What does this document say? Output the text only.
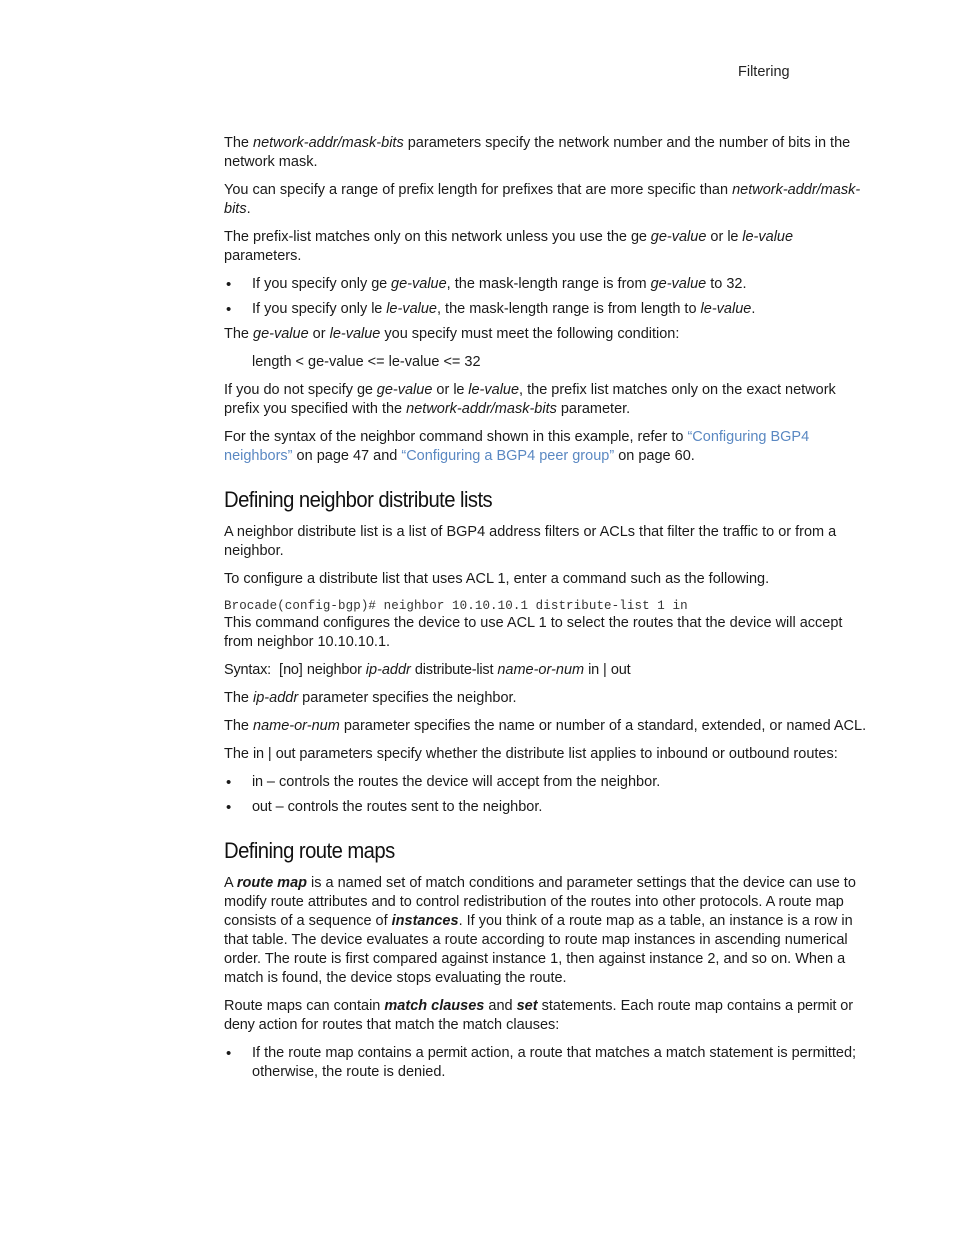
Filtering

The network-addr/mask-bits parameters specify the network number and the number of bits in the network mask.

You can specify a range of prefix length for prefixes that are more specific than network-addr/mask-bits.

The prefix-list matches only on this network unless you use the ge ge-value or le le-value parameters.

• If you specify only ge ge-value, the mask-length range is from ge-value to 32.
• If you specify only le le-value, the mask-length range is from length to le-value.

The ge-value or le-value you specify must meet the following condition:

length < ge-value <= le-value <= 32

If you do not specify ge ge-value or le le-value, the prefix list matches only on the exact network prefix you specified with the network-addr/mask-bits parameter.

For the syntax of the neighbor command shown in this example, refer to “Configuring BGP4 neighbors” on page 47 and “Configuring a BGP4 peer group” on page 60.

Defining neighbor distribute lists

A neighbor distribute list is a list of BGP4 address filters or ACLs that filter the traffic to or from a neighbor.

To configure a distribute list that uses ACL 1, enter a command such as the following.

Brocade(config-bgp)# neighbor 10.10.10.1 distribute-list 1 in

This command configures the device to use ACL 1 to select the routes that the device will accept from neighbor 10.10.10.1.

Syntax:  [no] neighbor ip-addr distribute-list name-or-num in | out

The ip-addr parameter specifies the neighbor.

The name-or-num parameter specifies the name or number of a standard, extended, or named ACL.

The in | out parameters specify whether the distribute list applies to inbound or outbound routes:

• in – controls the routes the device will accept from the neighbor.
• out – controls the routes sent to the neighbor.
Defining route maps

A route map is a named set of match conditions and parameter settings that the device can use to modify route attributes and to control redistribution of the routes into other protocols. A route map consists of a sequence of instances. If you think of a route map as a table, an instance is a row in that table. The device evaluates a route according to route map instances in ascending numerical order. The route is first compared against instance 1, then against instance 2, and so on. When a match is found, the device stops evaluating the route.

Route maps can contain match clauses and set statements. Each route map contains a permit or deny action for routes that match the match clauses:

• If the route map contains a permit action, a route that matches a match statement is permitted; otherwise, the route is denied.
